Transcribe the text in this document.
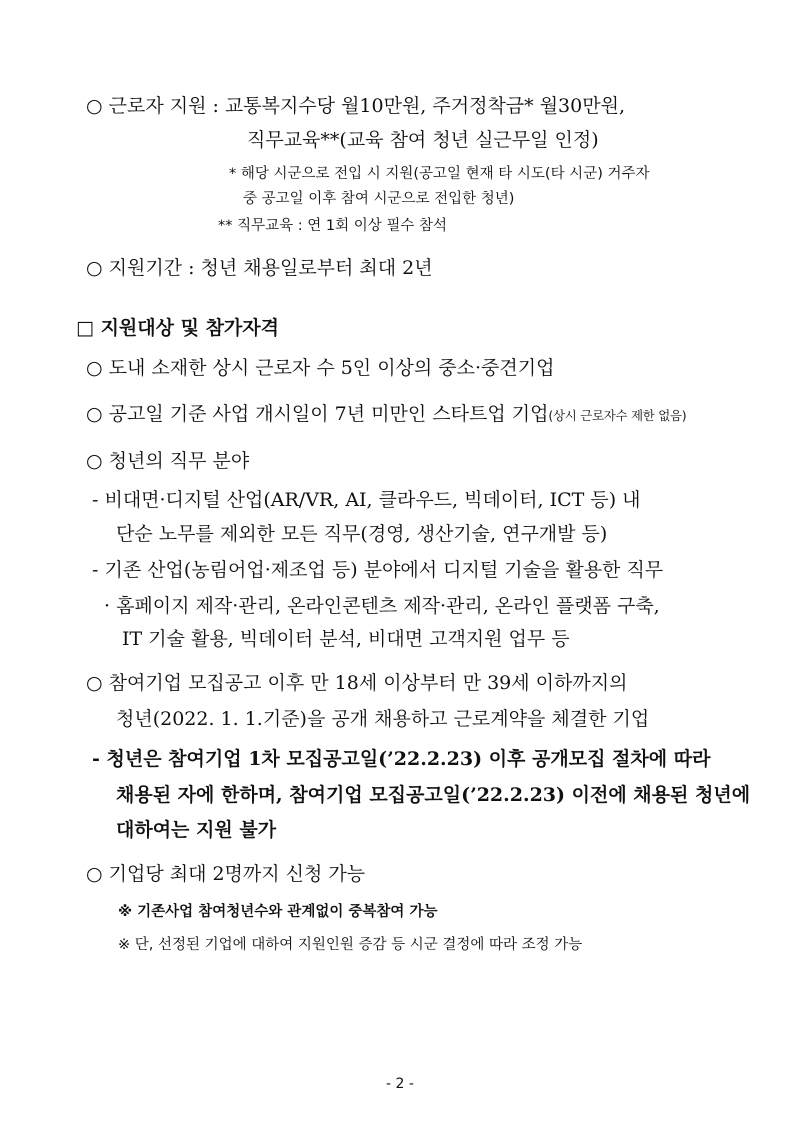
○ 근로자 지원 : 교통복지수당 월10만원, 주거정착금* 월30만원,
직무교육**(교육 참여 청년 실근무일 인정)
* 해당 시군으로 전입 시 지원(공고일 현재 타 시도(타 시군) 거주자
중 공고일 이후 참여 시군으로 전입한 청년)
** 직무교육 : 연 1회 이상 필수 참석
○ 지원기간 : 청년 채용일로부터 최대 2년
□ 지원대상 및 참가자격
○ 도내 소재한 상시 근로자 수 5인 이상의 중소·중견기업
○ 공고일 기준 사업 개시일이 7년 미만인 스타트업 기업(상시 근로자수 제한 없음)
○ 청년의 직무 분야
- 비대면·디지털 산업(AR/VR, AI, 클라우드, 빅데이터, ICT 등) 내
단순 노무를 제외한 모든 직무(경영, 생산기술, 연구개발 등)
- 기존 산업(농림어업·제조업 등) 분야에서 디지털 기술을 활용한 직무
· 홈페이지 제작·관리, 온라인콘텐츠 제작·관리, 온라인 플랫폼 구축,
IT 기술 활용, 빅데이터 분석, 비대면 고객지원 업무 등
○ 참여기업 모집공고 이후 만 18세 이상부터 만 39세 이하까지의
청년(2022. 1. 1.기준)을 공개 채용하고 근로계약을 체결한 기업
- 청년은 참여기업 1차 모집공고일(’22.2.23) 이후 공개모집 절차에 따라
채용된 자에 한하며, 참여기업 모집공고일(’22.2.23) 이전에 채용된 청년에
대하여는 지원 불가
○ 기업당 최대 2명까지 신청 가능
※ 기존사업 참여청년수와 관계없이 중복참여 가능
※ 단, 선정된 기업에 대하여 지원인원 증감 등 시군 결정에 따라 조정 가능
- 2 -
